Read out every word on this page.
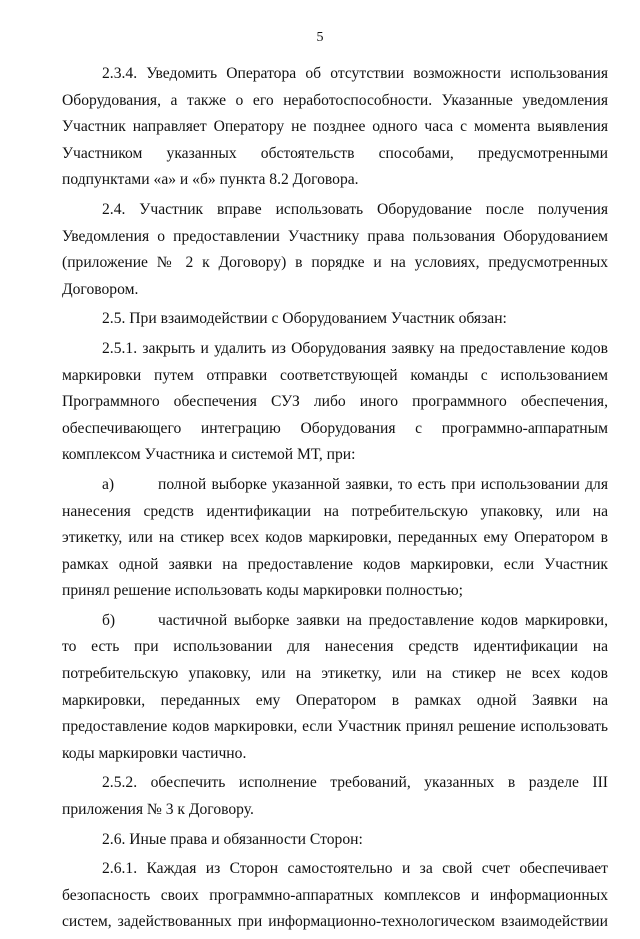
5

2.3.4. Уведомить Оператора об отсутствии возможности использования Оборудования, а также о его неработоспособности. Указанные уведомления Участник направляет Оператору не позднее одного часа с момента выявления Участником указанных обстоятельств способами, предусмотренными подпунктами «а» и «б» пункта 8.2 Договора.

2.4. Участник вправе использовать Оборудование после получения Уведомления о предоставлении Участнику права пользования Оборудованием (приложение № 2 к Договору) в порядке и на условиях, предусмотренных Договором.

2.5. При взаимодействии с Оборудованием Участник обязан:

2.5.1. закрыть и удалить из Оборудования заявку на предоставление кодов маркировки путем отправки соответствующей команды с использованием Программного обеспечения СУЗ либо иного программного обеспечения, обеспечивающего интеграцию Оборудования с программно-аппаратным комплексом Участника и системой МТ, при:

а)	полной выборке указанной заявки, то есть при использовании для нанесения средств идентификации на потребительскую упаковку, или на этикетку, или на стикер всех кодов маркировки, переданных ему Оператором в рамках одной заявки на предоставление кодов маркировки, если Участник принял решение использовать коды маркировки полностью;

б)	частичной выборке заявки на предоставление кодов маркировки, то есть при использовании для нанесения средств идентификации на потребительскую упаковку, или на этикетку, или на стикер не всех кодов маркировки, переданных ему Оператором в рамках одной Заявки на предоставление кодов маркировки, если Участник принял решение использовать коды маркировки частично.

2.5.2. обеспечить исполнение требований, указанных в разделе III приложения № 3 к Договору.

2.6. Иные права и обязанности Сторон:

2.6.1. Каждая из Сторон самостоятельно и за свой счет обеспечивает безопасность своих программно-аппаратных комплексов и информационных систем, задействованных при информационно-технологическом взаимодействии
